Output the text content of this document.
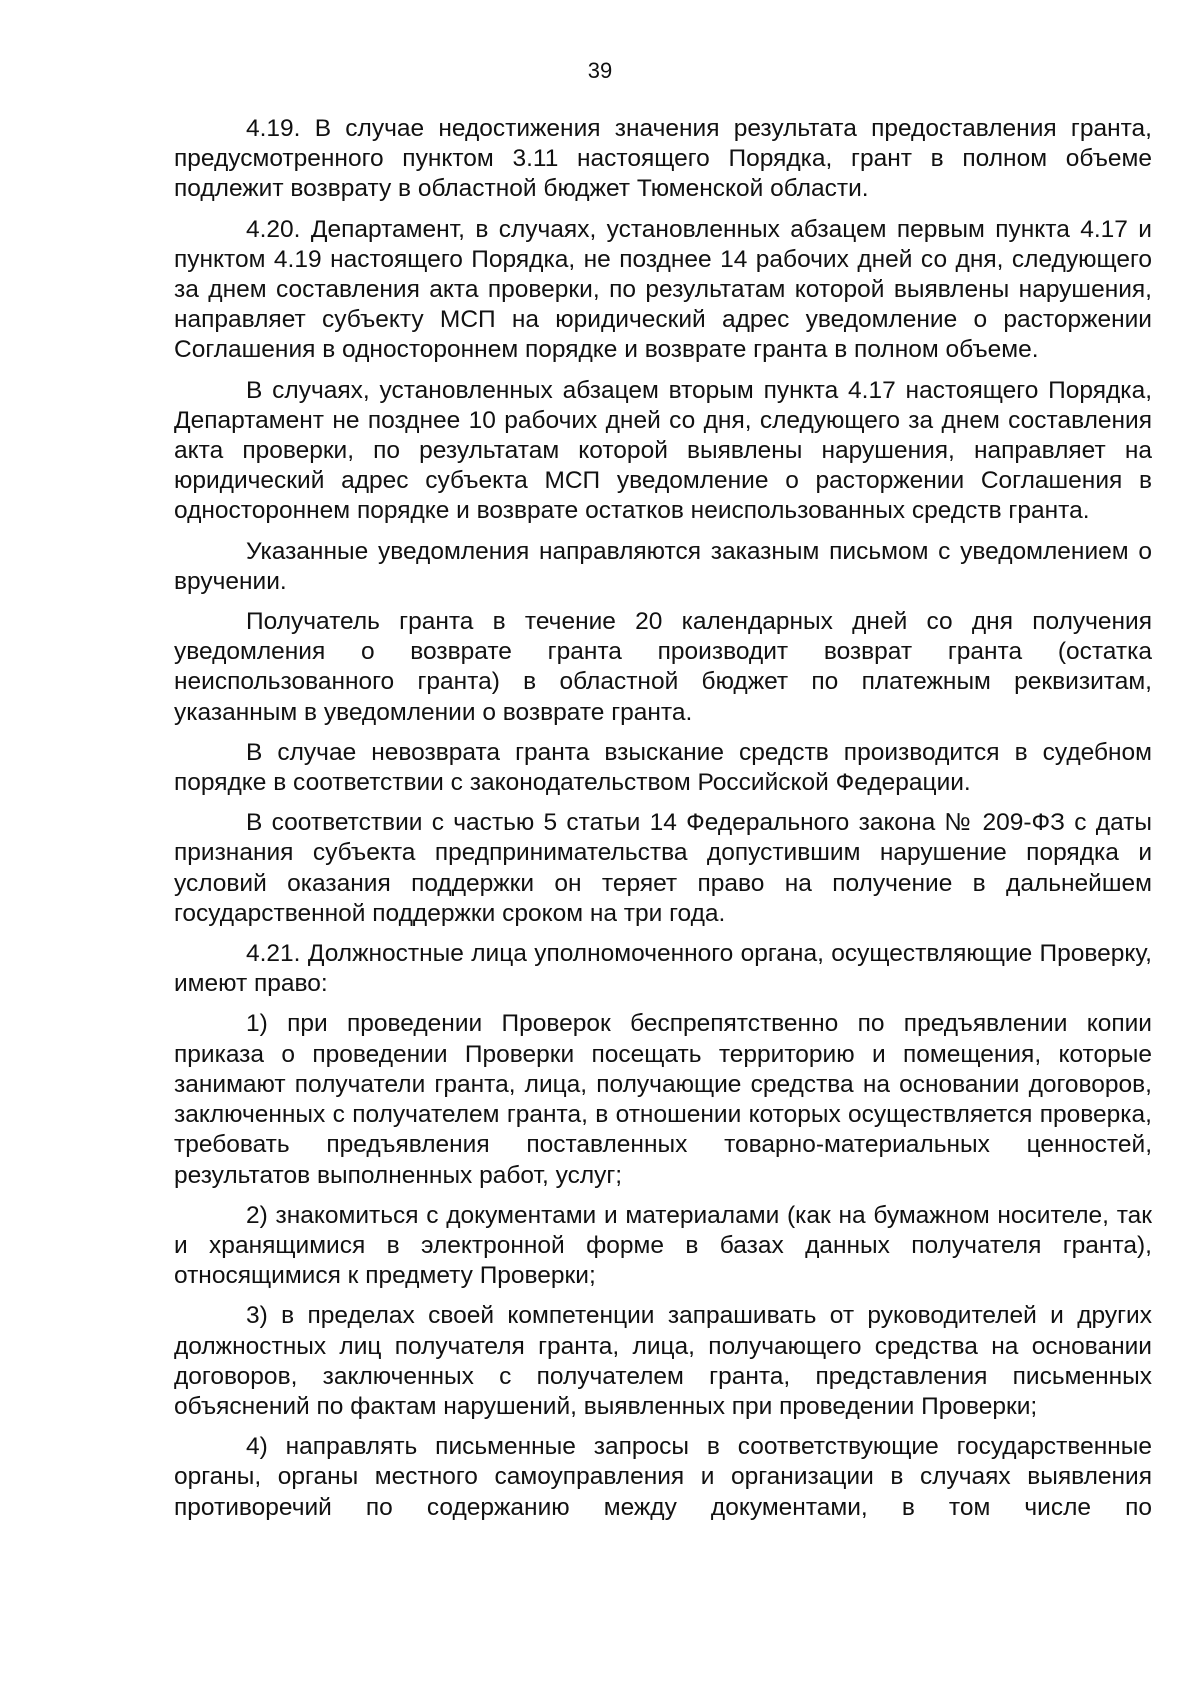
39

4.19. В случае недостижения значения результата предоставления гранта, предусмотренного пунктом 3.11 настоящего Порядка, грант в полном объеме подлежит возврату в областной бюджет Тюменской области.

4.20. Департамент, в случаях, установленных абзацем первым пункта 4.17 и пунктом 4.19 настоящего Порядка, не позднее 14 рабочих дней со дня, следующего за днем составления акта проверки, по результатам которой выявлены нарушения, направляет субъекту МСП на юридический адрес уведомление о расторжении Соглашения в одностороннем порядке и возврате гранта в полном объеме.

В случаях, установленных абзацем вторым пункта 4.17 настоящего Порядка, Департамент не позднее 10 рабочих дней со дня, следующего за днем составления акта проверки, по результатам которой выявлены нарушения, направляет на юридический адрес субъекта МСП уведомление о расторжении Соглашения в одностороннем порядке и возврате остатков неиспользованных средств гранта.

Указанные уведомления направляются заказным письмом с уведомлением о вручении.

Получатель гранта в течение 20 календарных дней со дня получения уведомления о возврате гранта производит возврат гранта (остатка неиспользованного гранта) в областной бюджет по платежным реквизитам, указанным в уведомлении о возврате гранта.

В случае невозврата гранта взыскание средств производится в судебном порядке в соответствии с законодательством Российской Федерации.

В соответствии с частью 5 статьи 14 Федерального закона № 209-ФЗ с даты признания субъекта предпринимательства допустившим нарушение порядка и условий оказания поддержки он теряет право на получение в дальнейшем государственной поддержки сроком на три года.

4.21. Должностные лица уполномоченного органа, осуществляющие Проверку, имеют право:

1) при проведении Проверок беспрепятственно по предъявлении копии приказа о проведении Проверки посещать территорию и помещения, которые занимают получатели гранта, лица, получающие средства на основании договоров, заключенных с получателем гранта, в отношении которых осуществляется проверка, требовать предъявления поставленных товарно-материальных ценностей, результатов выполненных работ, услуг;

2) знакомиться с документами и материалами (как на бумажном носителе, так и хранящимися в электронной форме в базах данных получателя гранта), относящимися к предмету Проверки;

3) в пределах своей компетенции запрашивать от руководителей и других должностных лиц получателя гранта, лица, получающего средства на основании договоров, заключенных с получателем гранта, представления письменных объяснений по фактам нарушений, выявленных при проведении Проверки;

4) направлять письменные запросы в соответствующие государственные органы, органы местного самоуправления и организации в случаях выявления противоречий по содержанию между документами, в том числе по
